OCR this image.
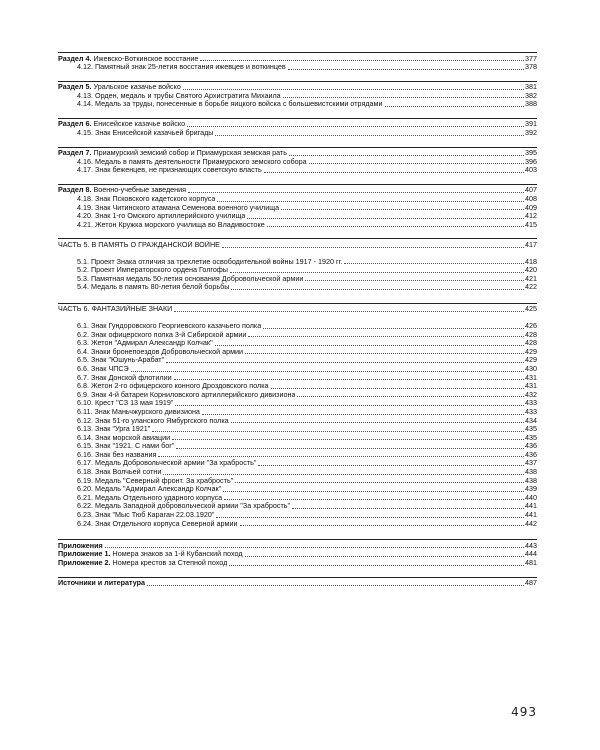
Раздел 4. Ижевско-Воткинское восстание	377
4.12. Памятный знак 25-летия восстания ижевцев и воткинцев	378
Раздел 5. Уральское казачье войско	381
4.13. Орден, медаль и трубы Святого Архистратига Михаила	382
4.14. Медаль за труды, понесенные в борьбе яицкого войска с большевистскими отрядами	388
Раздел 6. Енисейское казачье войско	391
4.15. Знак Енисейской казачьей бригады	392
Раздел 7. Приамурский земский собор и Приамурская земская рать	395
4.16. Медаль в память деятельности Приамурского земского собора	396
4.17. Знак беженцев, не признающих советскую власть	403
Раздел 8. Военно-учебные заведения	407
4.18. Знак Псковского кадетского корпуса	408
4.19. Знак Читинского атамана Семенова военного училища	409
4.20. Знак 1-го Омского артиллерийского училища	412
4.21. Жетон Кружка морского училища во Владивостоке	415
ЧАСТЬ 5. В ПАМЯТЬ О ГРАЖДАНСКОЙ ВОЙНЕ	417
5.1. Проект Знака отличия за трехлетие освободительной войны 1917 - 1920 гг.	418
5.2. Проект Императорского ордена Голгофы	420
5.3. Памятная медаль 50-летия основания Добровольческой армии	421
5.4. Медаль в память 80-летия белой борьбы	422
ЧАСТЬ 6. ФАНТАЗИЙНЫЕ ЗНАКИ	425
6.1. Знак Гундоровского Георгиевского казачьего полка	426
6.2. Знак офицерского полка 3-й Сибирской армии	428
6.3. Жетон "Адмирал Александр Колчак"	428
6.4. Знаки бронепоездов Добровольческой армии	429
6.5. Знак "Юшунь-Арабат"	429
6.6. Знак ЧПСЭ	430
6.7. Знак Донской флотилии	431
6.8. Жетон 2-го офицерского конного Дроздовского полка	431
6.9. Знак 4-й батареи Корниловского артиллерийского дивизиона	432
6.10. Крест "СЗ 13 мая 1919"	433
6.11. Знак Маньчжурского дивизиона	433
6.12. Знак 51-го уланского Ямбургского полка	434
6.13. Знак "Урга 1921"	435
6.14. Знак морской авиации	435
6.15. Знак "1921. С нами бог"	436
6.16. Знак без названия	436
6.17. Медаль Добровольческой армии "За храбрость"	437
6.18. Знак Волчьей сотни	438
6.19. Медаль "Северный фронт. За храбрость"	438
6.20. Медаль "Адмирал Александр Колчак"	439
6.21. Медаль Отдельного ударного корпуса	440
6.22. Медаль Западной добровольческой армии "За храбрость"	441
6.23. Знак "Мыс Тюб Караган 22.03.1920"	441
6.24. Знак Отдельного корпуса Северной армии	442
Приложения	443
Приложение 1. Номера знаков за 1-й Кубанский поход	444
Приложение 2. Номера крестов за Степной поход	481
Источники и литература	487
493
